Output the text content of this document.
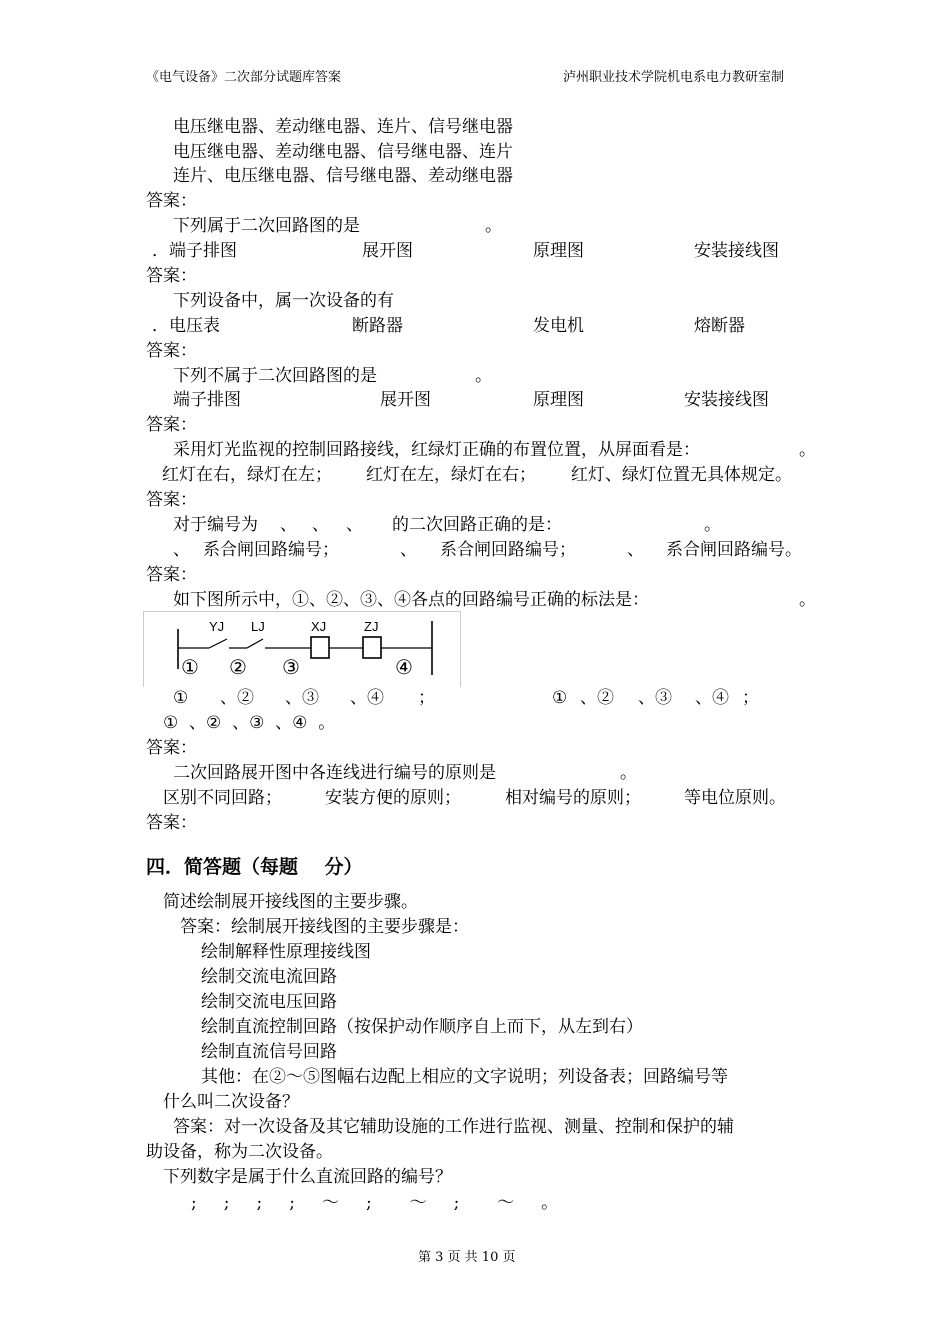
《电气设备》二次部分试题库答案	泸州职业技术学院机电系电力教研室制
电压继电器、差动继电器、连片、信号继电器
电压继电器、差动继电器、信号继电器、连片
连片、电压继电器、信号继电器、差动继电器
答案：
下列属于二次回路图的是	。
．端子排图	展开图	原理图	安装接线图
答案：
下列设备中，属一次设备的有
．电压表	断路器	发电机	熔断器
答案：
下列不属于二次回路图的是	。
端子排图	展开图	原理图	安装接线图
答案：
采用灯光监视的控制回路接线，红绿灯正确的布置位置，从屏面看是：	。
红灯在右，绿灯在左； 红灯在左，绿灯在右； 红灯、绿灯位置无具体规定。
答案：
对于编号为 、 、 、 的二次回路正确的是：	。
、 系合闸回路编号；	、 系合闸回路编号；	、 系合闸回路编号。
答案：
如下图所示中，①、②、③、④各点的回路编号正确的标法是：	。
YJ LJ	XJ	ZJ
① ② ③	④
① 、② 、③ 、④ ；	① 、② 、③ 、④ ；
①  、②  、③  、④  。
答案：
二次回路展开图中各连线进行编号的原则是	。
区别不同回路；	安装方便的原则；	相对编号的原则；	等电位原则。
答案：
四．简答题（每题    分）
简述绘制展开接线图的主要步骤。
答案：绘制展开接线图的主要步骤是：
绘制解释性原理接线图
绘制交流电流回路
绘制交流电压回路
绘制直流控制回路（按保护动作顺序自上而下，从左到右）
绘制直流信号回路
其他：在②～⑤图幅右边配上相应的文字说明；列设备表；回路编号等
什么叫二次设备？
答案：对一次设备及其它辅助设施的工作进行监视、测量、控制和保护的辅
助设备，称为二次设备。
下列数字是属于什么直流回路的编号？
;     ;     ;     ;     ～     ;       ～     ;       ～     。
第 3 页 共 10 页
